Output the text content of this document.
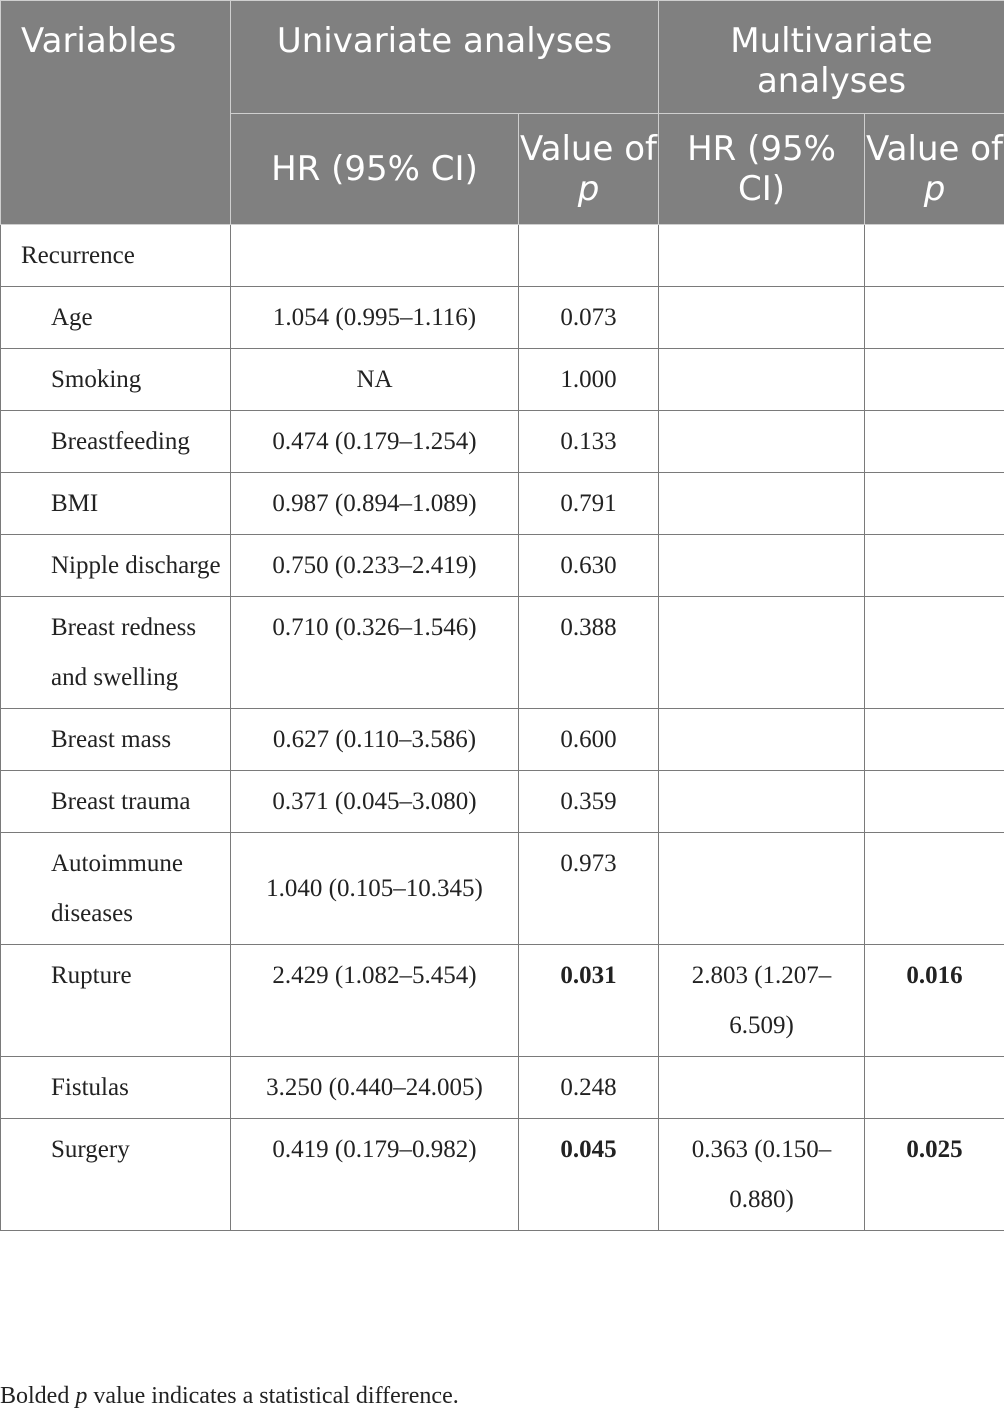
Variables	Univariate analyses		Multivariate analyses	
	HR (95% CI)	Value of p	HR (95% CI)	Value of p
Recurrence				
Age	1.054 (0.995–1.116)	0.073		
Smoking	NA	1.000		
Breastfeeding	0.474 (0.179–1.254)	0.133		
BMI	0.987 (0.894–1.089)	0.791		
Nipple discharge	0.750 (0.233–2.419)	0.630		
Breast redness and swelling	0.710 (0.326–1.546)	0.388		
Breast mass	0.627 (0.110–3.586)	0.600		
Breast trauma	0.371 (0.045–3.080)	0.359		
Autoimmune diseases	1.040 (0.105–10.345)	0.973		
Rupture	2.429 (1.082–5.454)	0.031	2.803 (1.207–6.509)	0.016
Fistulas	3.250 (0.440–24.005)	0.248		
Surgery	0.419 (0.179–0.982)	0.045	0.363 (0.150–0.880)	0.025
Bolded p value indicates a statistical difference.
